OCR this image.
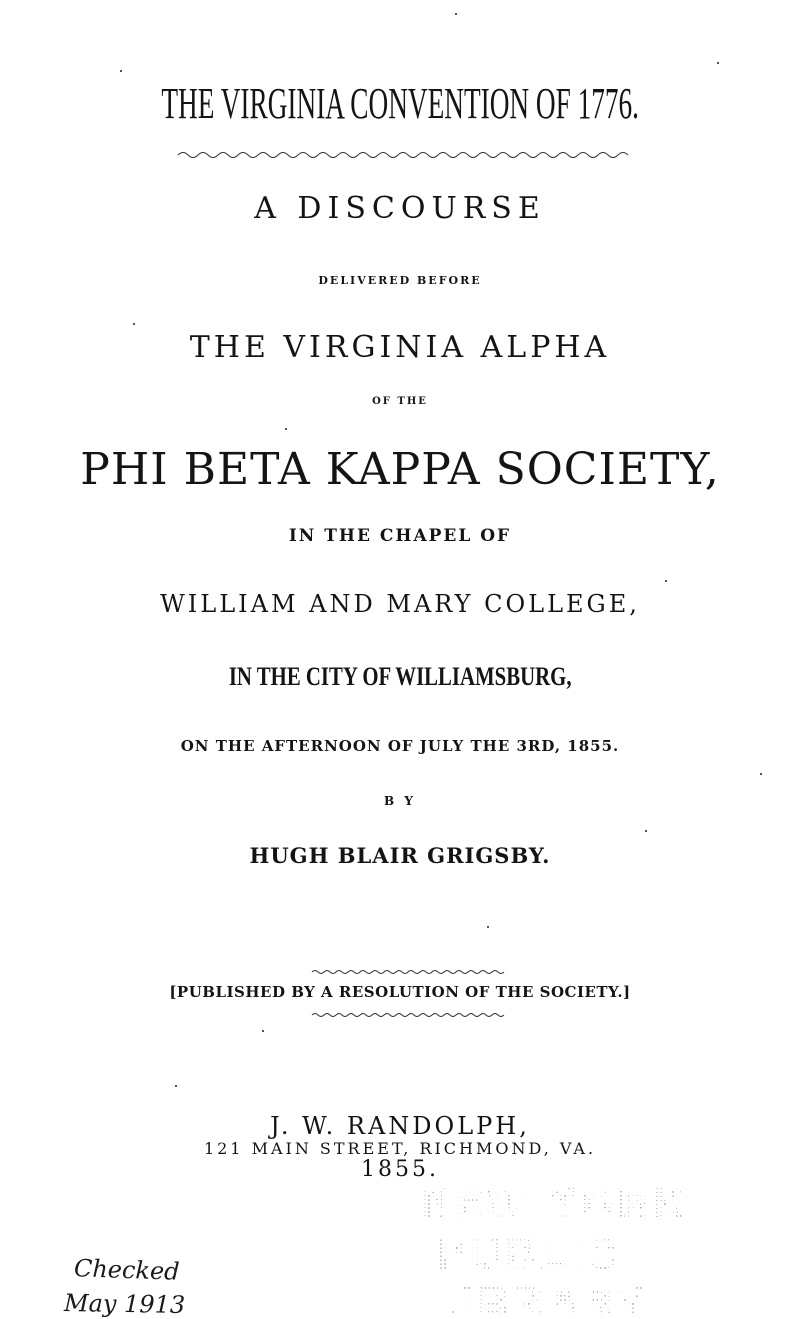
THE VIRGINIA CONVENTION OF 1776.
A DISCOURSE
DELIVERED BEFORE
THE VIRGINIA ALPHA
OF THE
PHI BETA KAPPA SOCIETY,
IN THE CHAPEL OF
WILLIAM AND MARY COLLEGE,
IN THE CITY OF WILLIAMSBURG,
ON THE AFTERNOON OF JULY THE 3RD, 1855.
B Y
HUGH BLAIR GRIGSBY.
[PUBLISHED BY A RESOLUTION OF THE SOCIETY.]
J. W. RANDOLPH,
121 MAIN STREET, RICHMOND, VA.
1855.
NEW YORK
PUBLIC
LIBRARY
Checked
May 1913
